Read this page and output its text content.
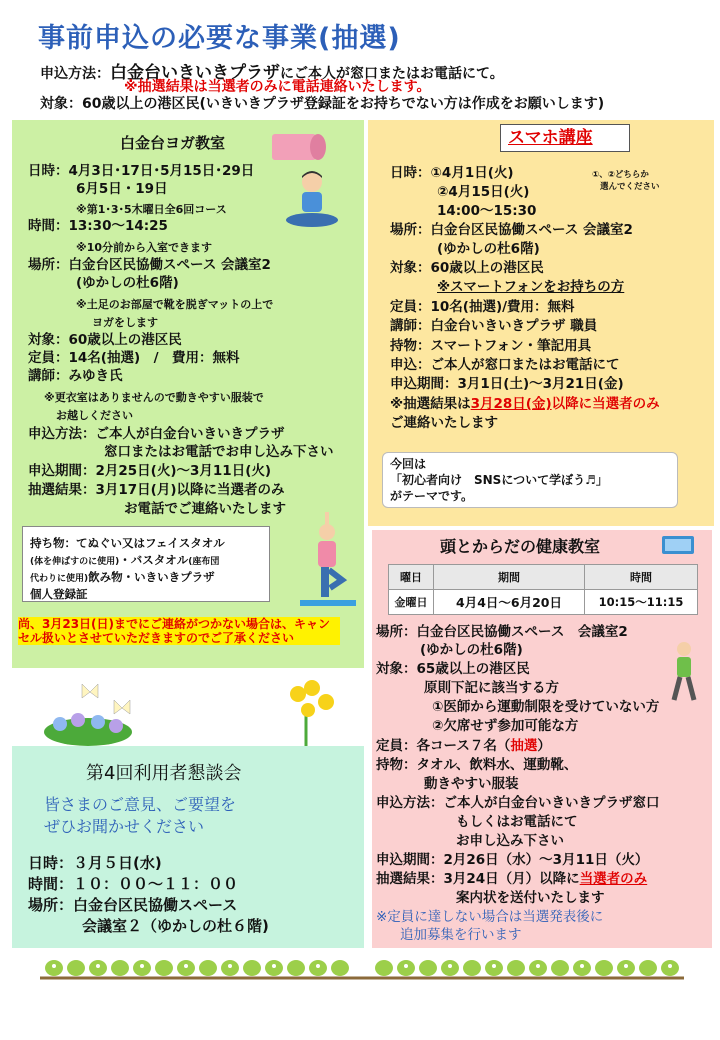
事前申込の必要な事業(抽選)
申込方法：白金台いきいきプラザにご本人が窓口またはお電話にて。
※抽選結果は当選者のみに電話連絡いたします。
対象：60歳以上の港区民(いきいきプラザ登録証をお持ちでない方は作成をお願いします)
白金台ヨガ教室
日時：4月3日･17日･5月15日･29日
6月5日・19日
※第1･3･5木曜日全6回コース
時間：13:30～14:25
※10分前から入室できます
場所：白金台区民協働スペース 会議室2
(ゆかしの杜6階)
※土足のお部屋で靴を脱ぎマットの上で
ヨガをします
対象：60歳以上の港区民
定員：14名(抽選)　/　費用：無料
講師：みゆき氏
※更衣室はありませんので動きやすい服装で
お越しください
申込方法：ご本人が白金台いきいきプラザ
窓口またはお電話でお申し込み下さい
申込期間：2月25日(火)～3月11日(火)
抽選結果：3月17日(月)以降に当選者のみ
お電話でご連絡いたします
持ち物：てぬぐい又はフェイスタオル
(体を伸ばすのに使用)・バスタオル(座布団
代わりに使用)飲み物・いきいきプラザ
個人登録証
尚、3月23日(日)までにご連絡がつかない場合は、キャンセル扱いとさせていただきますのでご了承ください
スマホ講座
日時：①4月1日(火)
②4月15日(火)
14:00～15:30
①、②どちらか
選んでください
場所：白金台区民協働スペース 会議室2
(ゆかしの杜6階)
対象：60歳以上の港区民
※スマートフォンをお持ちの方
定員：10名(抽選)/費用：無料
講師：白金台いきいきプラザ 職員
持物：スマートフォン・筆記用具
申込：ご本人が窓口またはお電話にて
申込期間：3月1日(土)～3月21日(金)
※抽選結果は3月28日(金)以降に当選者のみ
ご連絡いたします
今回は
「初心者向け　SNSについて学ぼう♬」
がテーマです。
頭とからだの健康教室
曜日	期間	時間
金曜日	4月4日～6月20日	10:15～11:15
場所：白金台区民協働スペース　会議室2
(ゆかしの杜6階)
対象：65歳以上の港区民
原則下記に該当する方
①医師から運動制限を受けていない方
②欠席せず参加可能な方
定員：各コース７名（抽選）
持物：タオル、飲料水、運動靴、
動きやすい服装
申込方法：ご本人が白金台いきいきプラザ窓口
もしくはお電話にて
お申し込み下さい
申込期間：2月26日（水）～3月11日（火）
抽選結果：3月24日（月）以降に当選者のみ
案内状を送付いたします
※定員に達しない場合は当選発表後に
追加募集を行います
第4回利用者懇談会
皆さまのご意見、ご要望を
ぜひお聞かせください
日時：３月５日(水)
時間：１０：００～１１：００
場所：白金台区民協働スペース
会議室２（ゆかしの杜６階)
